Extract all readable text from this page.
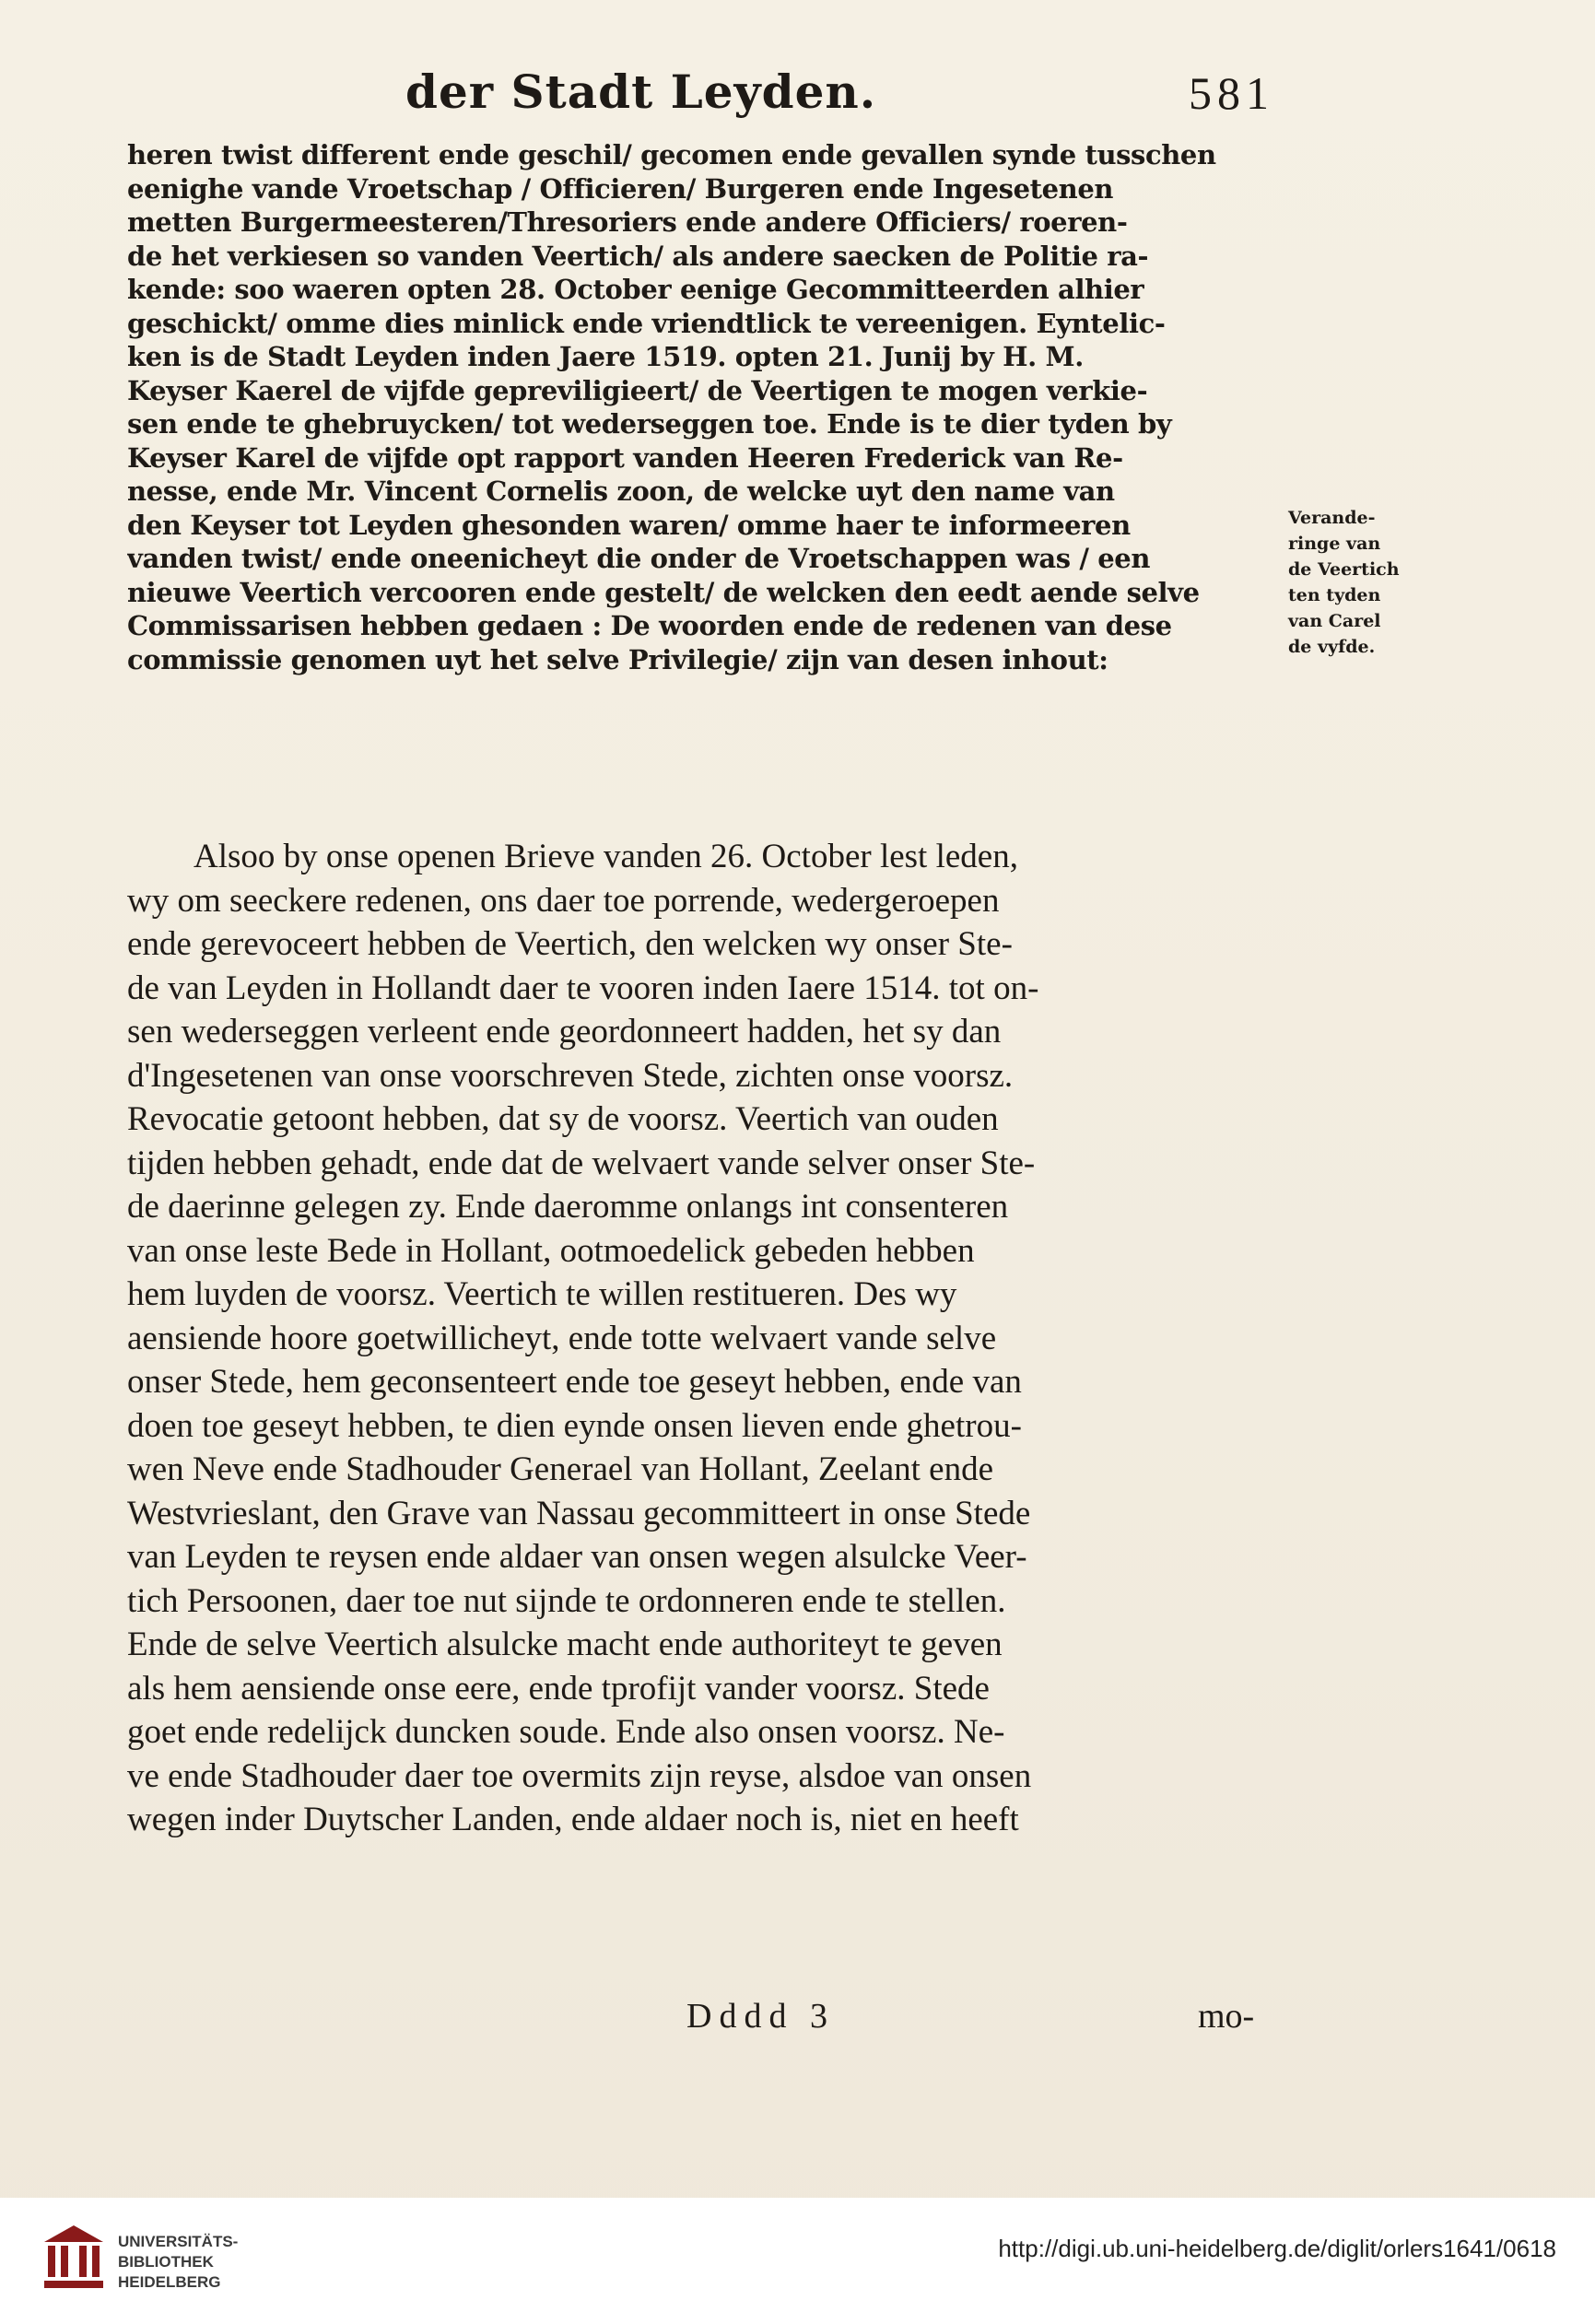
der Stadt Leyden.	581
heren twist different ende geschil/ gecomen ende gevallen synde tusschen
eenighe vande Vroetschap / Officieren/ Burgeren ende Ingesetenen
metten Burgermeesteren/Thresoriers ende andere Officiers/ roeren-
de het verkiesen so vanden Veertich/ als andere saecken de Politie ra-
kende: soo waeren opten 28. October eenige Gecommitteerden alhier
geschickt/ omme dies minlick ende vriendtlick te vereenigen. Eyntelic-
ken is de Stadt Leyden inden Jaere 1519. opten 21. Junij by H. M.
Keyser Kaerel de vijfde gepreviligieert/ de Veertigen te mogen verkie-
sen ende te ghebruycken/ tot wederseggen toe. Ende is te dier tyden by
Keyser Karel de vijfde opt rapport vanden Heeren Frederick van Re-
nesse, ende Mr. Vincent Cornelis zoon, de welcke uyt den name van
den Keyser tot Leyden ghesonden waren/ omme haer te informeeren
vanden twist/ ende oneenicheyt die onder de Vroetschappen was / een
nieuwe Veertich vercooren ende gestelt/ de welcken den eedt aende selve
Commissarisen hebben gedaen : De woorden ende de redenen van dese
commissie genomen uyt het selve Privilegie/ zijn van desen inhout:
Verande-
ringe van
de Veertich
ten tyden
van Carel
de vyfde.
Alsoo by onse openen Brieve vanden 26. October lest leden,
wy om seeckere redenen, ons daer toe porrende, wedergeroepen
ende gerevoceert hebben de Veertich, den welcken wy onser Ste-
de van Leyden in Hollandt daer te vooren inden Iaere 1514. tot on-
sen wederseggen verleent ende geordonneert hadden, het sy dan
d'Ingesetenen van onse voorschreven Stede, zichten onse voorsz.
Revocatie getoont hebben, dat sy de voorsz. Veertich van ouden
tijden hebben gehadt, ende dat de welvaert vande selver onser Ste-
de daerinne gelegen zy. Ende daeromme onlangs int consenteren
van onse leste Bede in Hollant, ootmoedelick gebeden hebben
hem luyden de voorsz. Veertich te willen restitueren. Des wy
aensiende hoore goetwillicheyt, ende totte welvaert vande selve
onser Stede, hem geconsenteert ende toe geseyt hebben, ende van
doen toe geseyt hebben, te dien eynde onsen lieven ende ghetrou-
wen Neve ende Stadhouder Generael van Hollant, Zeelant ende
Westvrieslant, den Grave van Nassau gecommitteert in onse Stede
van Leyden te reysen ende aldaer van onsen wegen alsulcke Veer-
tich Persoonen, daer toe nut sijnde te ordonneren ende te stellen.
Ende de selve Veertich alsulcke macht ende authoriteyt te geven
als hem aensiende onse eere, ende tprofijt vander voorsz. Stede
goet ende redelijck duncken soude. Ende also onsen voorsz. Ne-
ve ende Stadhouder daer toe overmits zijn reyse, alsdoe van onsen
wegen inder Duytscher Landen, ende aldaer noch is, niet en heeft
Dddd 3	mo-
UNIVERSITÄTS-
BIBLIOTHEK
HEIDELBERG
http://digi.ub.uni-heidelberg.de/diglit/orlers1641/0618
